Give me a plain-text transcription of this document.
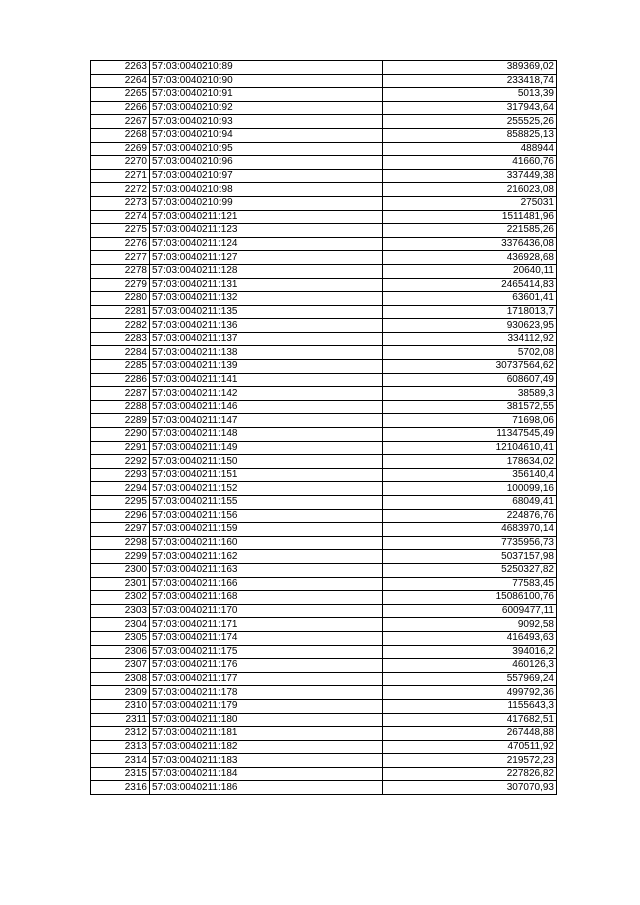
2263	57:03:0040210:89	389369,02
2264	57:03:0040210:90	233418,74
2265	57:03:0040210:91	5013,39
2266	57:03:0040210:92	317943,64
2267	57:03:0040210:93	255525,26
2268	57:03:0040210:94	858825,13
2269	57:03:0040210:95	488944
2270	57:03:0040210:96	41660,76
2271	57:03:0040210:97	337449,38
2272	57:03:0040210:98	216023,08
2273	57:03:0040210:99	275031
2274	57:03:0040211:121	1511481,96
2275	57:03:0040211:123	221585,26
2276	57:03:0040211:124	3376436,08
2277	57:03:0040211:127	436928,68
2278	57:03:0040211:128	20640,11
2279	57:03:0040211:131	2465414,83
2280	57:03:0040211:132	63601,41
2281	57:03:0040211:135	1718013,7
2282	57:03:0040211:136	930623,95
2283	57:03:0040211:137	334112,92
2284	57:03:0040211:138	5702,08
2285	57:03:0040211:139	30737564,62
2286	57:03:0040211:141	608607,49
2287	57:03:0040211:142	38589,3
2288	57:03:0040211:146	381572,55
2289	57:03:0040211:147	71698,06
2290	57:03:0040211:148	11347545,49
2291	57:03:0040211:149	12104610,41
2292	57:03:0040211:150	178634,02
2293	57:03:0040211:151	356140,4
2294	57:03:0040211:152	100099,16
2295	57:03:0040211:155	68049,41
2296	57:03:0040211:156	224876,76
2297	57:03:0040211:159	4683970,14
2298	57:03:0040211:160	7735956,73
2299	57:03:0040211:162	5037157,98
2300	57:03:0040211:163	5250327,82
2301	57:03:0040211:166	77583,45
2302	57:03:0040211:168	15086100,76
2303	57:03:0040211:170	6009477,11
2304	57:03:0040211:171	9092,58
2305	57:03:0040211:174	416493,63
2306	57:03:0040211:175	394016,2
2307	57:03:0040211:176	460126,3
2308	57:03:0040211:177	557969,24
2309	57:03:0040211:178	499792,36
2310	57:03:0040211:179	1155643,3
2311	57:03:0040211:180	417682,51
2312	57:03:0040211:181	267448,88
2313	57:03:0040211:182	470511,92
2314	57:03:0040211:183	219572,23
2315	57:03:0040211:184	227826,82
2316	57:03:0040211:186	307070,93
